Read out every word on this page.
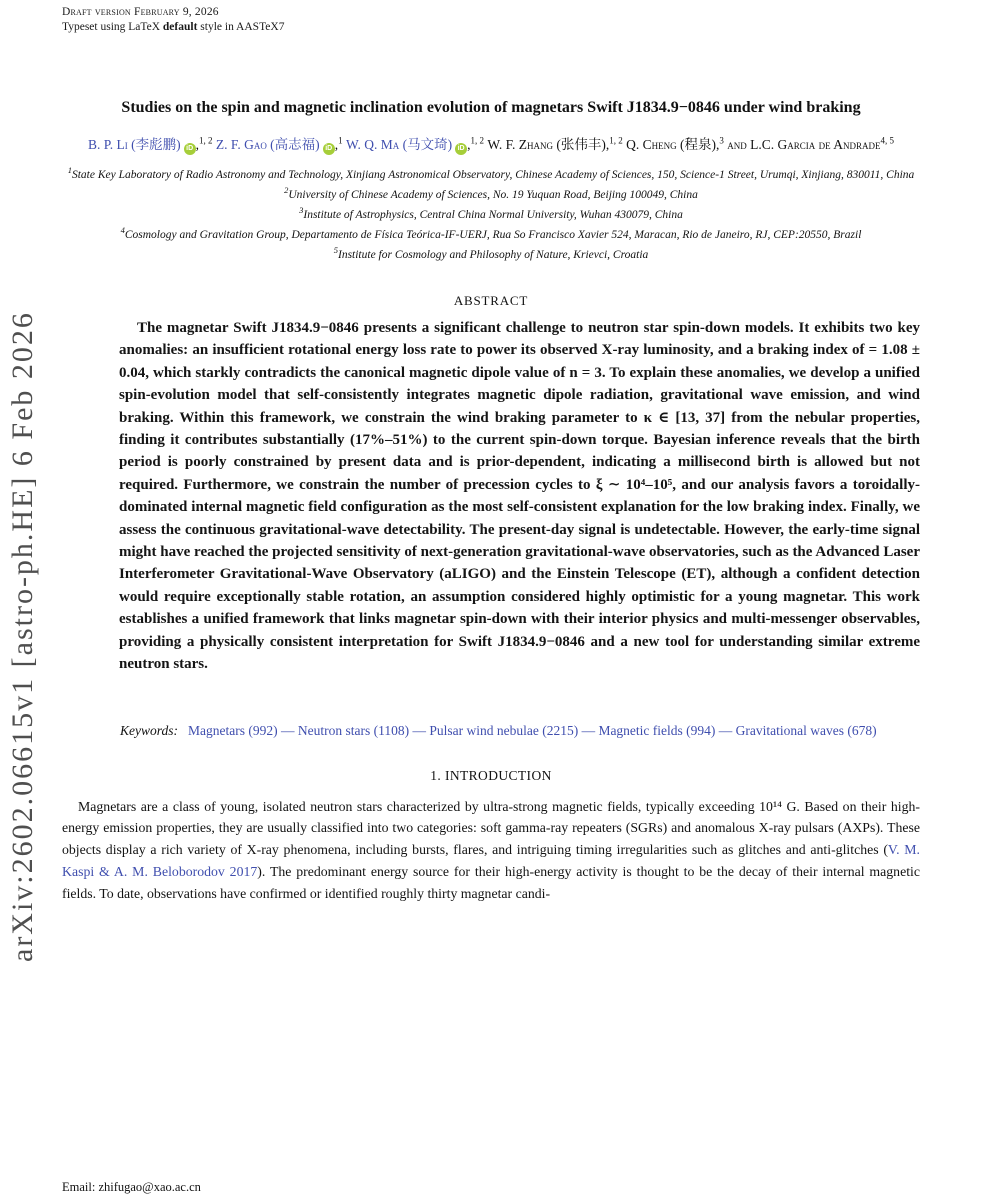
arXiv:2602.06615v1 [astro-ph.HE] 6 Feb 2026
Draft version February 9, 2026
Typeset using LaTeX default style in AASTeX7
Studies on the spin and magnetic inclination evolution of magnetars Swift J1834.9−0846 under wind braking
B. P. Li (李彪鹏) iD ,$^{1, 2}$ Z. F. Gao (高志福) iD ,$^1$ W. Q. Ma (马文琦) iD ,$^{1, 2}$ W. F. Zhang (张伟丰),$^{1, 2}$ Q. Cheng (程泉),$^3$ and L.C. Garcia de Andrade$^{4, 5}$
$^1$State Key Laboratory of Radio Astronomy and Technology, Xinjiang Astronomical Observatory, Chinese Academy of Sciences, 150, Science-1 Street, Urumqi, Xinjiang, 830011, China
$^2$University of Chinese Academy of Sciences, No. 19 Yuquan Road, Beijing 100049, China
$^3$Institute of Astrophysics, Central China Normal University, Wuhan 430079, China
$^4$Cosmology and Gravitation Group, Departamento de Física Teórica-IF-UERJ, Rua So Francisco Xavier 524, Maracan, Rio de Janeiro, RJ, CEP:20550, Brazil
$^5$Institute for Cosmology and Philosophy of Nature, Krievci, Croatia
ABSTRACT

The magnetar Swift J1834.9−0846 presents a significant challenge to neutron star spin-down models. It exhibits two key anomalies: an insufficient rotational energy loss rate to power its observed X-ray luminosity, and a braking index of = 1.08 ± 0.04, which starkly contradicts the canonical magnetic dipole value of n = 3. To explain these anomalies, we develop a unified spin-evolution model that self-consistently integrates magnetic dipole radiation, gravitational wave emission, and wind braking. Within this framework, we constrain the wind braking parameter to κ ∈ [13, 37] from the nebular properties, finding it contributes substantially (17%–51%) to the current spin-down torque. Bayesian inference reveals that the birth period is poorly constrained by present data and is prior-dependent, indicating a millisecond birth is allowed but not required. Furthermore, we constrain the number of precession cycles to ξ ∼ 10⁴–10⁵, and our analysis favors a toroidally-dominated internal magnetic field configuration as the most self-consistent explanation for the low braking index. Finally, we assess the continuous gravitational-wave detectability. The present-day signal is undetectable. However, the early-time signal might have reached the projected sensitivity of next-generation gravitational-wave observatories, such as the Advanced Laser Interferometer Gravitational-Wave Observatory (aLIGO) and the Einstein Telescope (ET), although a confident detection would require exceptionally stable rotation, an assumption considered highly optimistic for a young magnetar. This work establishes a unified framework that links magnetar spin-down with their interior physics and multi-messenger observables, providing a physically consistent interpretation for Swift J1834.9−0846 and a new tool for understanding similar extreme neutron stars.

Keywords: Magnetars (992) — Neutron stars (1108) — Pulsar wind nebulae (2215) — Magnetic fields (994) — Gravitational waves (678)
1. INTRODUCTION

Magnetars are a class of young, isolated neutron stars characterized by ultra-strong magnetic fields, typically exceeding 10¹⁴ G. Based on their high-energy emission properties, they are usually classified into two categories: soft gamma-ray repeaters (SGRs) and anomalous X-ray pulsars (AXPs). These objects display a rich variety of X-ray phenomena, including bursts, flares, and intriguing timing irregularities such as glitches and anti-glitches (V. M. Kaspi & A. M. Beloborodov 2017). The predominant energy source for their high-energy activity is thought to be the decay of their internal magnetic fields. To date, observations have confirmed or identified roughly thirty magnetar candi-

Email: zhifugao@xao.ac.cn
